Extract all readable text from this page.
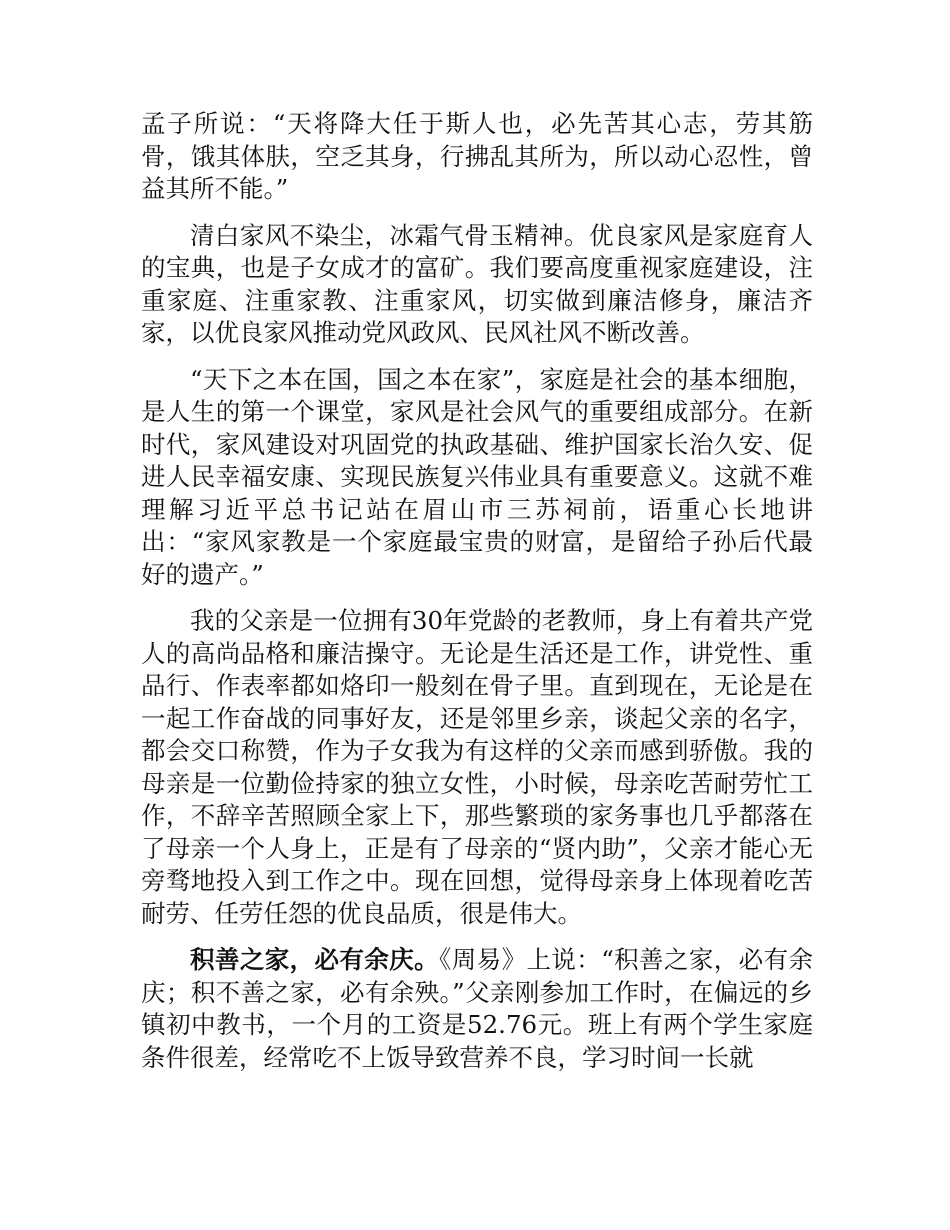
孟子所说：“天将降大任于斯人也，必先苦其心志，劳其筋骨，饿其体肤，空乏其身，行拂乱其所为，所以动心忍性，曾益其所不能。”

清白家风不染尘，冰霜气骨玉精神。优良家风是家庭育人的宝典，也是子女成才的富矿。我们要高度重视家庭建设，注重家庭、注重家教、注重家风，切实做到廉洁修身，廉洁齐家，以优良家风推动党风政风、民风社风不断改善。

“天下之本在国，国之本在家”，家庭是社会的基本细胞，是人生的第一个课堂，家风是社会风气的重要组成部分。在新时代，家风建设对巩固党的执政基础、维护国家长治久安、促进人民幸福安康、实现民族复兴伟业具有重要意义。这就不难理解习近平总书记站在眉山市三苏祠前，语重心长地讲出：“家风家教是一个家庭最宝贵的财富，是留给子孙后代最好的遗产。”

我的父亲是一位拥有30年党龄的老教师，身上有着共产党人的高尚品格和廉洁操守。无论是生活还是工作，讲党性、重品行、作表率都如烙印一般刻在骨子里。直到现在，无论是在一起工作奋战的同事好友，还是邻里乡亲，谈起父亲的名字，都会交口称赞，作为子女我为有这样的父亲而感到骄傲。我的母亲是一位勤俭持家的独立女性，小时候，母亲吃苦耐劳忙工作，不辞辛苦照顾全家上下，那些繁琐的家务事也几乎都落在了母亲一个人身上，正是有了母亲的“贤内助”，父亲才能心无旁骛地投入到工作之中。现在回想，觉得母亲身上体现着吃苦耐劳、任劳任怨的优良品质，很是伟大。

积善之家，必有余庆。《周易》上说：“积善之家，必有余庆；积不善之家，必有余殃。”父亲刚参加工作时，在偏远的乡镇初中教书，一个月的工资是52.76元。班上有两个学生家庭条件很差，经常吃不上饭导致营养不良，学习时间一长就
